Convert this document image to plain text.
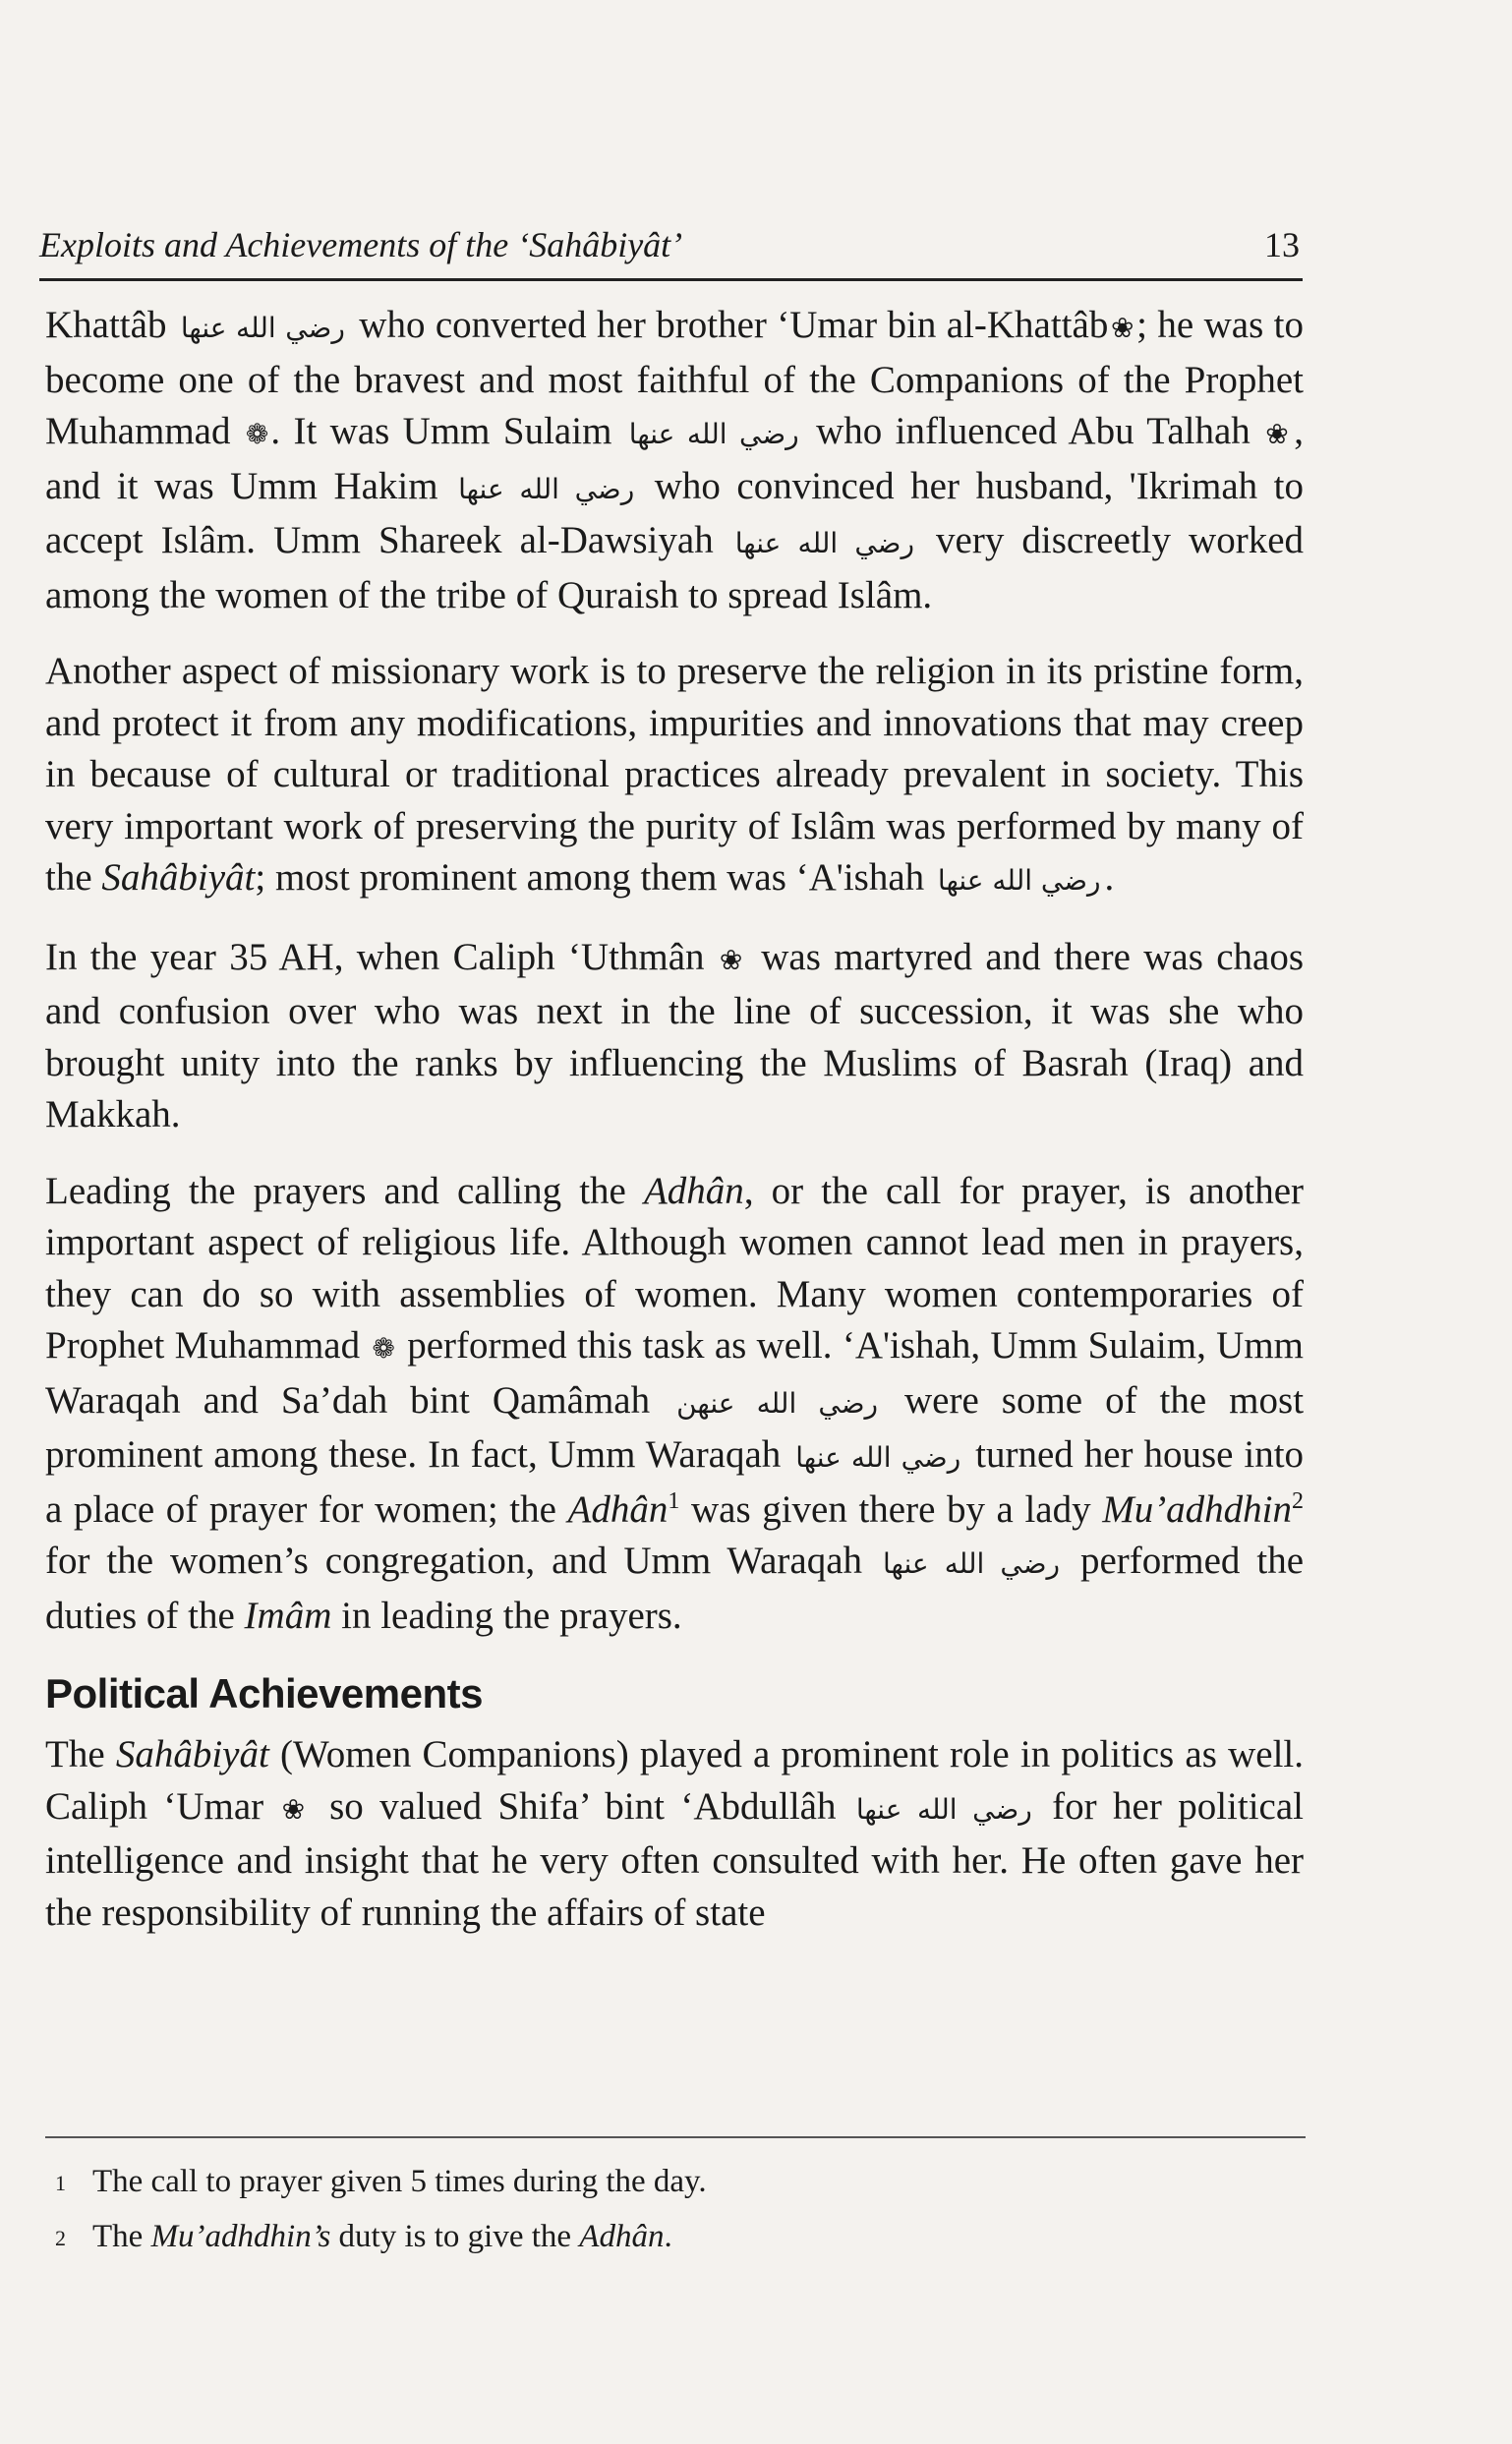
Exploits and Achievements of the ‘Sahâbiyât’	13

Khattâb رضي الله عنها who converted her brother ‘Umar bin al-Khattâb❀; he was to become one of the bravest and most faithful of the Companions of the Prophet Muhammad ❁. It was Umm Sulaim رضي الله عنها who influenced Abu Talhah ❀, and it was Umm Hakim رضي الله عنها who convinced her husband, 'Ikrimah to accept Islâm. Umm Shareek al-Dawsiyah رضي الله عنها very discreetly worked among the women of the tribe of Quraish to spread Islâm.

Another aspect of missionary work is to preserve the religion in its pristine form, and protect it from any modifications, impurities and innovations that may creep in because of cultural or traditional practices already prevalent in society. This very important work of preserving the purity of Islâm was performed by many of the Sahâbiyât; most prominent among them was ‘A'ishah رضي الله عنها .

In the year 35 AH, when Caliph ‘Uthmân ❀ was martyred and there was chaos and confusion over who was next in the line of succession, it was she who brought unity into the ranks by influencing the Muslims of Basrah (Iraq) and Makkah.

Leading the prayers and calling the Adhân, or the call for prayer, is another important aspect of religious life. Although women cannot lead men in prayers, they can do so with assemblies of women. Many women contemporaries of Prophet Muhammad ❁ performed this task as well. ‘A'ishah, Umm Sulaim, Umm Waraqah and Sa’dah bint Qamâmah رضي الله عنهن were some of the most prominent among these. In fact, Umm Waraqah رضي الله عنها turned her house into a place of prayer for women; the Adhân$^1$ was given there by a lady Mu’adhdhin$^2$ for the women’s congregation, and Umm Waraqah رضي الله عنها performed the duties of the Imâm in leading the prayers.

Political Achievements

The Sahâbiyât (Women Companions) played a prominent role in politics as well. Caliph ‘Umar ❀ so valued Shifa’ bint ‘Abdullâh رضي الله عنها for her political intelligence and insight that he very often consulted with her. He often gave her the responsibility of running the affairs of state

1 The call to prayer given 5 times during the day.
2 The Mu’adhdhin’s duty is to give the Adhân.
